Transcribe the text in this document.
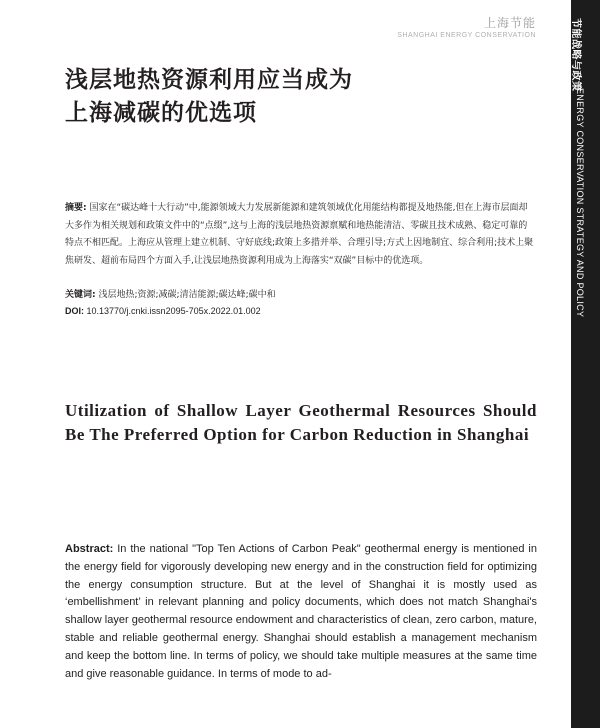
节能战略与政策
ENERGY CONSERVATION STRATEGY AND POLICY
上海节能
SHANGHAI ENERGY CONSERVATION
浅层地热资源利用应当成为
上海减碳的优选项

摘要: 国家在“碳达峰十大行动”中,能源领域大力发展新能源和建筑领域优化用能结构都提及地热能,但在上海市层面却大多作为相关规划和政策文件中的“点缀”,这与上海的浅层地热资源禀赋和地热能清洁、零碳且技术成熟、稳定可靠的特点不相匹配。上海应从管理上建立机制、守好底线;政策上多措并举、合理引导;方式上因地制宜、综合利用;技术上聚焦研发、超前布局四个方面入手,让浅层地热资源利用成为上海落实“双碳”目标中的优选项。

关键词: 浅层地热;资源;减碳;清洁能源;碳达峰;碳中和
DOI: 10.13770/j.cnki.issn2095-705x.2022.01.002
Utilization of Shallow Layer Geothermal Resources Should Be The Preferred Option for Carbon Reduction in Shanghai

Abstract: In the national "Top Ten Actions of Carbon Peak" geothermal energy is mentioned in the energy field for vigorously developing new energy and in the construction field for optimizing the energy consumption structure. But at the level of Shanghai it is mostly used as ‘embellishment’ in relevant planning and policy documents, which does not match Shanghai's shallow layer geothermal resource endowment and characteristics of clean, zero carbon, mature, stable and reliable geothermal energy. Shanghai should establish a management mechanism and keep the bottom line. In terms of policy, we should take multiple measures at the same time and give reasonable guidance. In terms of mode to ad-
